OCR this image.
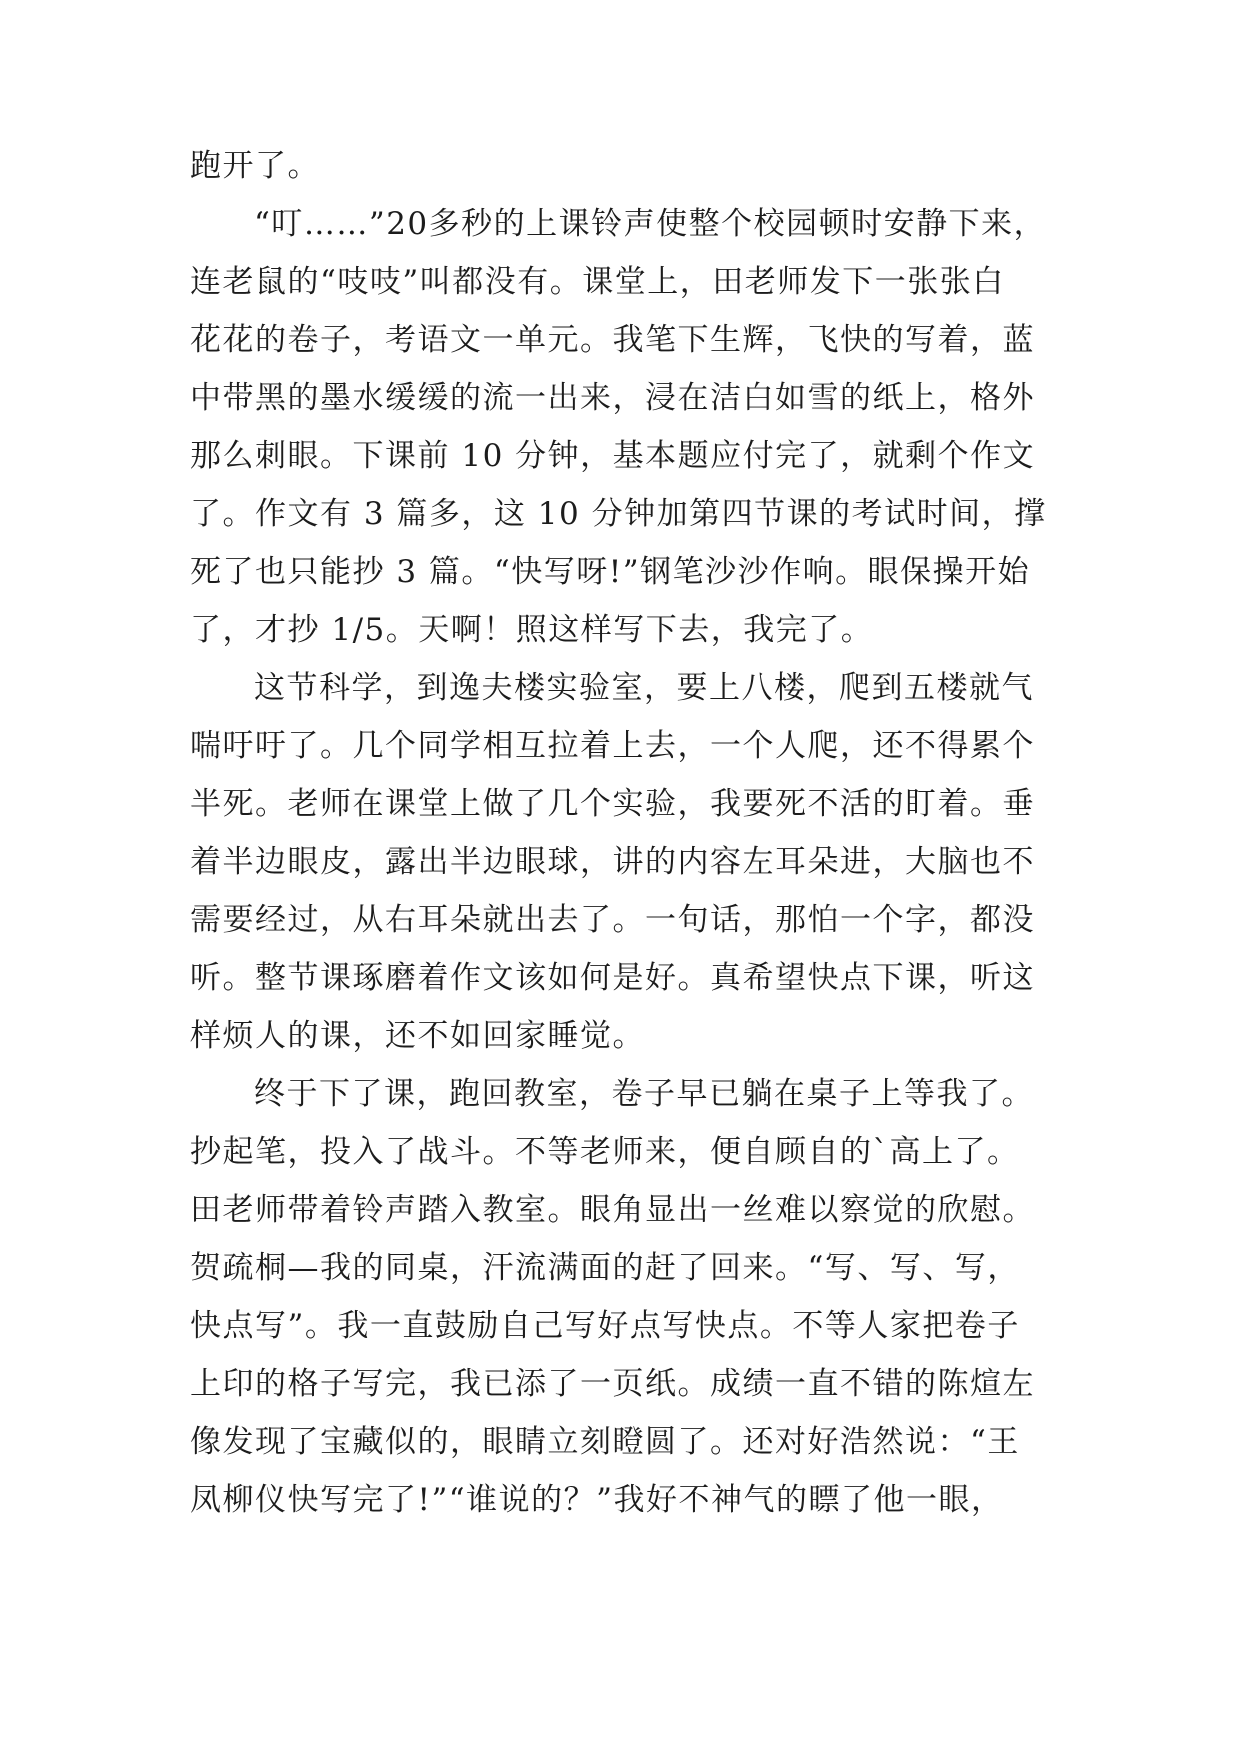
跑开了。
“叮……”20多秒的上课铃声使整个校园顿时安静下来，
连老鼠的“吱吱”叫都没有。课堂上，田老师发下一张张白
花花的卷子，考语文一单元。我笔下生辉，飞快的写着，蓝
中带黑的墨水缓缓的流一出来，浸在洁白如雪的纸上，格外
那么刺眼。下课前 10 分钟，基本题应付完了，就剩个作文
了。作文有 3 篇多，这 10 分钟加第四节课的考试时间，撑
死了也只能抄 3 篇。“快写呀!”钢笔沙沙作响。眼保操开始
了，才抄 1/5。天啊！照这样写下去，我完了。
这节科学，到逸夫楼实验室，要上八楼，爬到五楼就气
喘吁吁了。几个同学相互拉着上去，一个人爬，还不得累个
半死。老师在课堂上做了几个实验，我要死不活的盯着。垂
着半边眼皮，露出半边眼球，讲的内容左耳朵进，大脑也不
需要经过，从右耳朵就出去了。一句话，那怕一个字，都没
听。整节课琢磨着作文该如何是好。真希望快点下课，听这
样烦人的课，还不如回家睡觉。
终于下了课，跑回教室，卷子早已躺在桌子上等我了。
抄起笔，投入了战斗。不等老师来，便自顾自的`高上了。
田老师带着铃声踏入教室。眼角显出一丝难以察觉的欣慰。
贺疏桐—我的同桌，汗流满面的赶了回来。“写、写、写，
快点写”。我一直鼓励自己写好点写快点。不等人家把卷子
上印的格子写完，我已添了一页纸。成绩一直不错的陈煊左
像发现了宝藏似的，眼睛立刻瞪圆了。还对好浩然说：“王
凤柳仪快写完了!”“谁说的？”我好不神气的瞟了他一眼，
